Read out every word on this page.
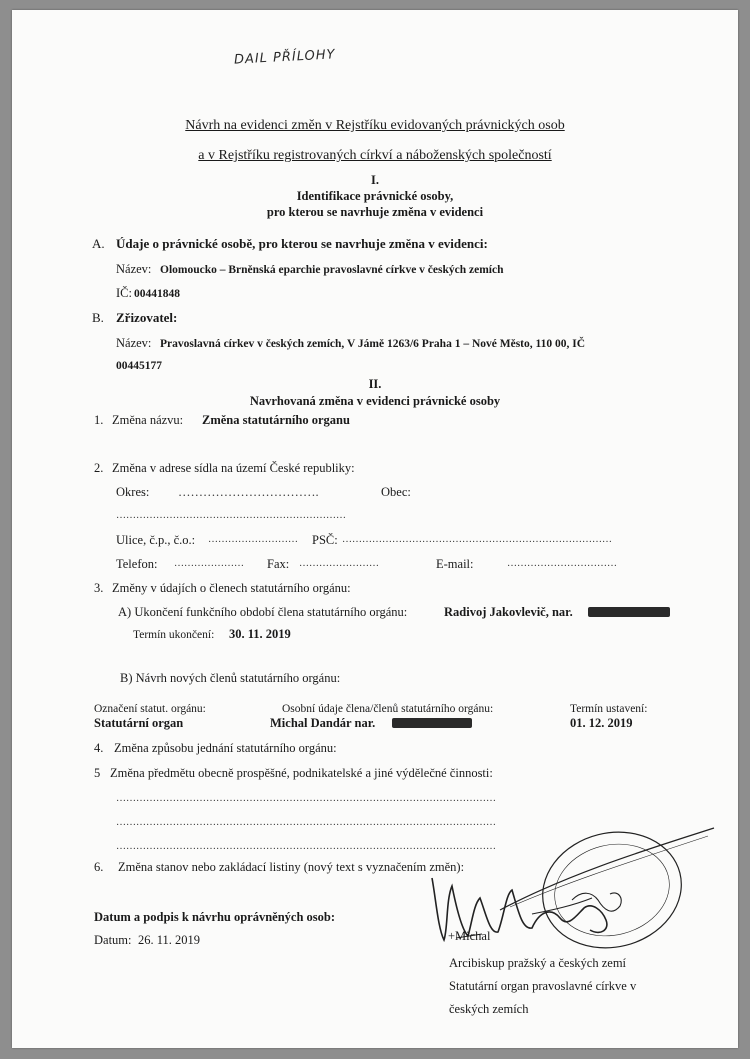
DAIL PŘÍLOHY
Návrh na evidenci změn v Rejstříku evidovaných právnických osob
a v Rejstříku registrovaných církví a náboženských společností
I.
Identifikace právnické osoby,
pro kterou se navrhuje změna v evidenci
A. Údaje o právnické osobě, pro kterou se navrhuje změna v evidenci:
Název: Olomoucko – Brněnská eparchie pravoslavné církve v českých zemích
IČ: 00441848
B. Zřizovatel:
Název: Pravoslavná církev v českých zemích, V Jámě 1263/6 Praha 1 – Nové Město, 110 00, IČ
00445177
II.
Navrhovaná změna v evidenci právnické osoby
1. Změna názvu: Změna statutárního organu
2. Změna v adrese sídla na území České republiky:
Okres: …………………………….	Obec:
……………………………………………………………
Ulice, č.p., č.o.: ……………………… PSČ: ………………………………………………………………………
Telefon: ………………… Fax: ……………………	E-mail:	……………………………
3. Změny v údajích o členech statutárního orgánu:
A) Ukončení funkčního období člena statutárního orgánu:	Radivoj Jakovlevič, nar.
Termín ukončení: 30. 11. 2019
B) Návrh nových členů statutárního orgánu:
Označení statut. orgánu:	Osobní údaje člena/členů statutárního orgánu:	Termín ustavení:
Statutární organ	Michal Dandár nar.	01. 12. 2019
4. Změna způsobu jednání statutárního orgánu:
5 Změna předmětu obecně prospěšné, podnikatelské a jiné výdělečné činnosti:
……………………………………………………………………………………………………
……………………………………………………………………………………………………
……………………………………………………………………………………………………
6. Změna stanov nebo zakládací listiny (nový text s vyznačením změn):
Datum a podpis k návrhu oprávněných osob:
Datum: 26. 11. 2019	+Michal
Arcibiskup pražský a českých zemí
Statutární organ pravoslavné církve v
českých zemích
